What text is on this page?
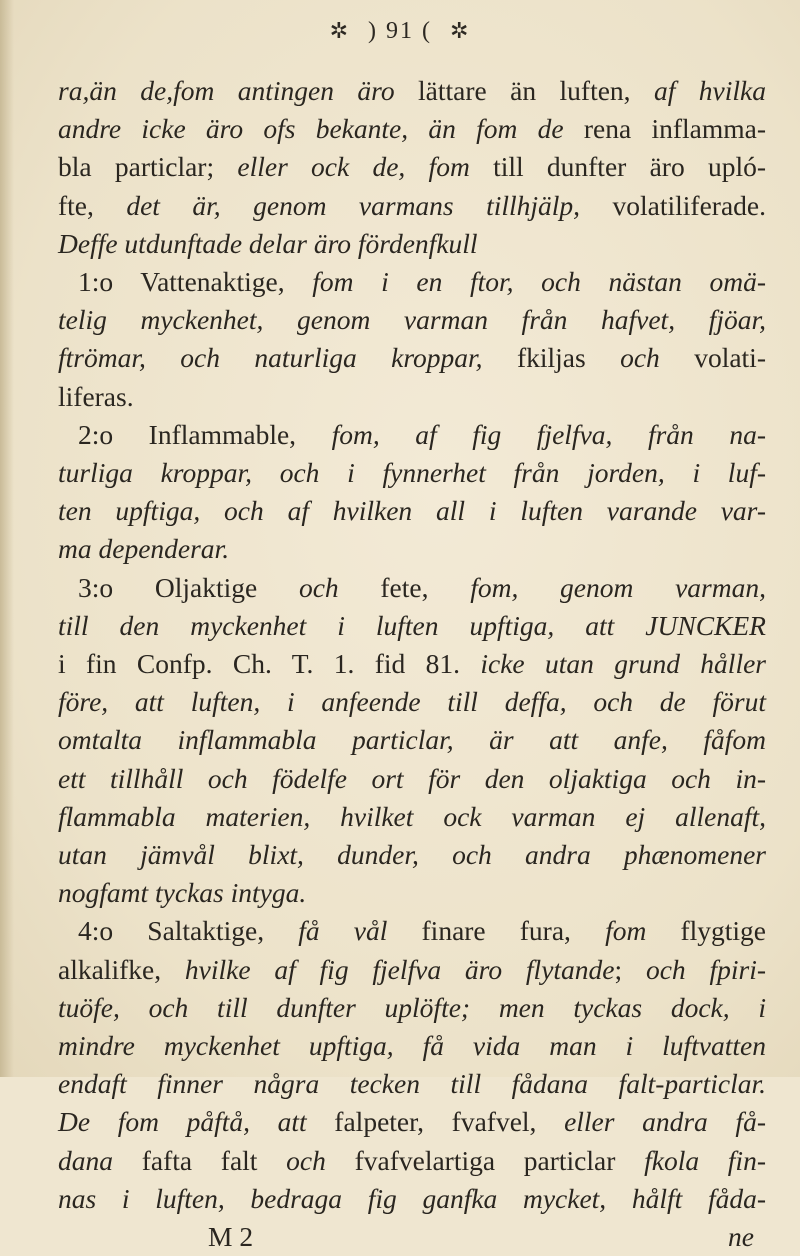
✲ ) 91 ( ✲
ra,än de,fom antingen äro lättare än luften, af hvilka
andre icke äro ofs bekante, än fom de rena inflamma-
bla particlar; eller ock de, fom till dunfter äro upló-
fte, det är, genom varmans tillhjälp, volatiliferade.
Deffe utdunftade delar äro fördenfkull
1:o Vattenaktige, fom i en ftor, och nästan omä-
telig myckenhet, genom varman från hafvet, fjöar,
ftrömar, och naturliga kroppar, fkiljas och volati-
liferas.
2:o Inflammable, fom, af fig fjelfva, från na-
turliga kroppar, och i fynnerhet från jorden, i luf-
ten upftiga, och af hvilken all i luften varande var-
ma dependerar.
3:o Oljaktige och fete, fom, genom varman,
till den myckenhet i luften upftiga, att JUNCKER
i fin Confp. Ch. T. 1. fid 81. icke utan grund håller
före, att luften, i anfeende till deffa, och de förut
omtalta inflammabla particlar, är att anfe, fåfom
ett tillhåll och födelfe ort för den oljaktiga och in-
flammabla materien, hvilket ock varman ej allenaft,
utan jämvål blixt, dunder, och andra phænomener
nogfamt tyckas intyga.
4:o Saltaktige, få vål finare fura, fom flygtige
alkalifke, hvilke af fig fjelfva äro flytande; och fpiri-
tuöfe, och till dunfter uplöfte; men tyckas dock, i
mindre myckenhet upftiga, få vida man i luftvatten
endaft finner några tecken till fådana falt-particlar.
De fom påftå, att falpeter, fvafvel, eller andra få-
dana fafta falt och fvafvelartiga particlar fkola fin-
nas i luften, bedraga fig ganfka mycket, hålft fåda-
M 2	ne
